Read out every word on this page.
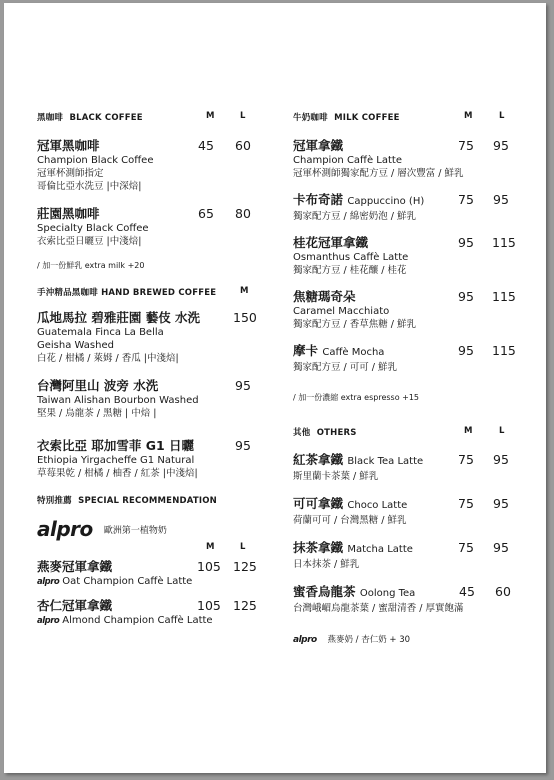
黑咖啡 BLACK COFFEE	M	L
冠軍黑咖啡
Champion Black Coffee
冠軍杯測師指定
哥倫比亞水洗豆 |中深焙|
45 60
莊園黑咖啡
Specialty Black Coffee
衣索比亞日曬豆 |中淺焙|
65 80
/ 加一份鮮乳 extra milk +20
手沖精品黑咖啡 HAND BREWED COFFEE	M
瓜地馬拉 碧雅莊園 藝伎 水洗
Guatemala Finca La Bella
Geisha Washed
白花 / 柑橘 / 萊姆 / 香瓜 |中淺焙|
150
台灣阿里山 波旁 水洗
Taiwan Alishan Bourbon Washed
堅果 / 烏龍茶 / 黑糖 | 中焙 |
95
衣索比亞 耶加雪菲 G1 日曬
Ethiopia Yirgacheffe G1 Natural
草莓果乾 / 柑橘 / 柚香 / 紅茶 |中淺焙|
95
特別推薦 SPECIAL RECOMMENDATION
alpro 歐洲第一植物奶
M	L
燕麥冠軍拿鐵
alpro Oat Champion Caffè Latte
105 125
杏仁冠軍拿鐵
alpro Almond Champion Caffè Latte
105 125
牛奶咖啡 MILK COFFEE	M	L
冠軍拿鐵
Champion Caffè Latte
冠軍杯測師獨家配方豆 / 層次豐富 / 鮮乳
75 95
卡布奇諾 Cappuccino (H)
獨家配方豆 / 綿密奶泡 / 鮮乳
75 95
桂花冠軍拿鐵
Osmanthus Caffè Latte
獨家配方豆 / 桂花釀 / 桂花
95 115
焦糖瑪奇朵
Caramel Macchiato
獨家配方豆 / 香草焦糖 / 鮮乳
95 115
摩卡 Caffè Mocha
獨家配方豆 / 可可 / 鮮乳
95 115
/ 加一份濃縮 extra espresso +15
其他 OTHERS	M	L
紅茶拿鐵 Black Tea Latte
斯里蘭卡茶葉 / 鮮乳
75 95
可可拿鐵 Choco Latte
荷蘭可可 / 台灣黑糖 / 鮮乳
75 95
抹茶拿鐵 Matcha Latte
日本抹茶 / 鮮乳
75 95
蜜香烏龍茶 Oolong Tea
台灣峨嵋烏龍茶葉 / 蜜甜清香 / 厚實飽滿
45 60
alpro 燕麥奶 / 杏仁奶 + 30
